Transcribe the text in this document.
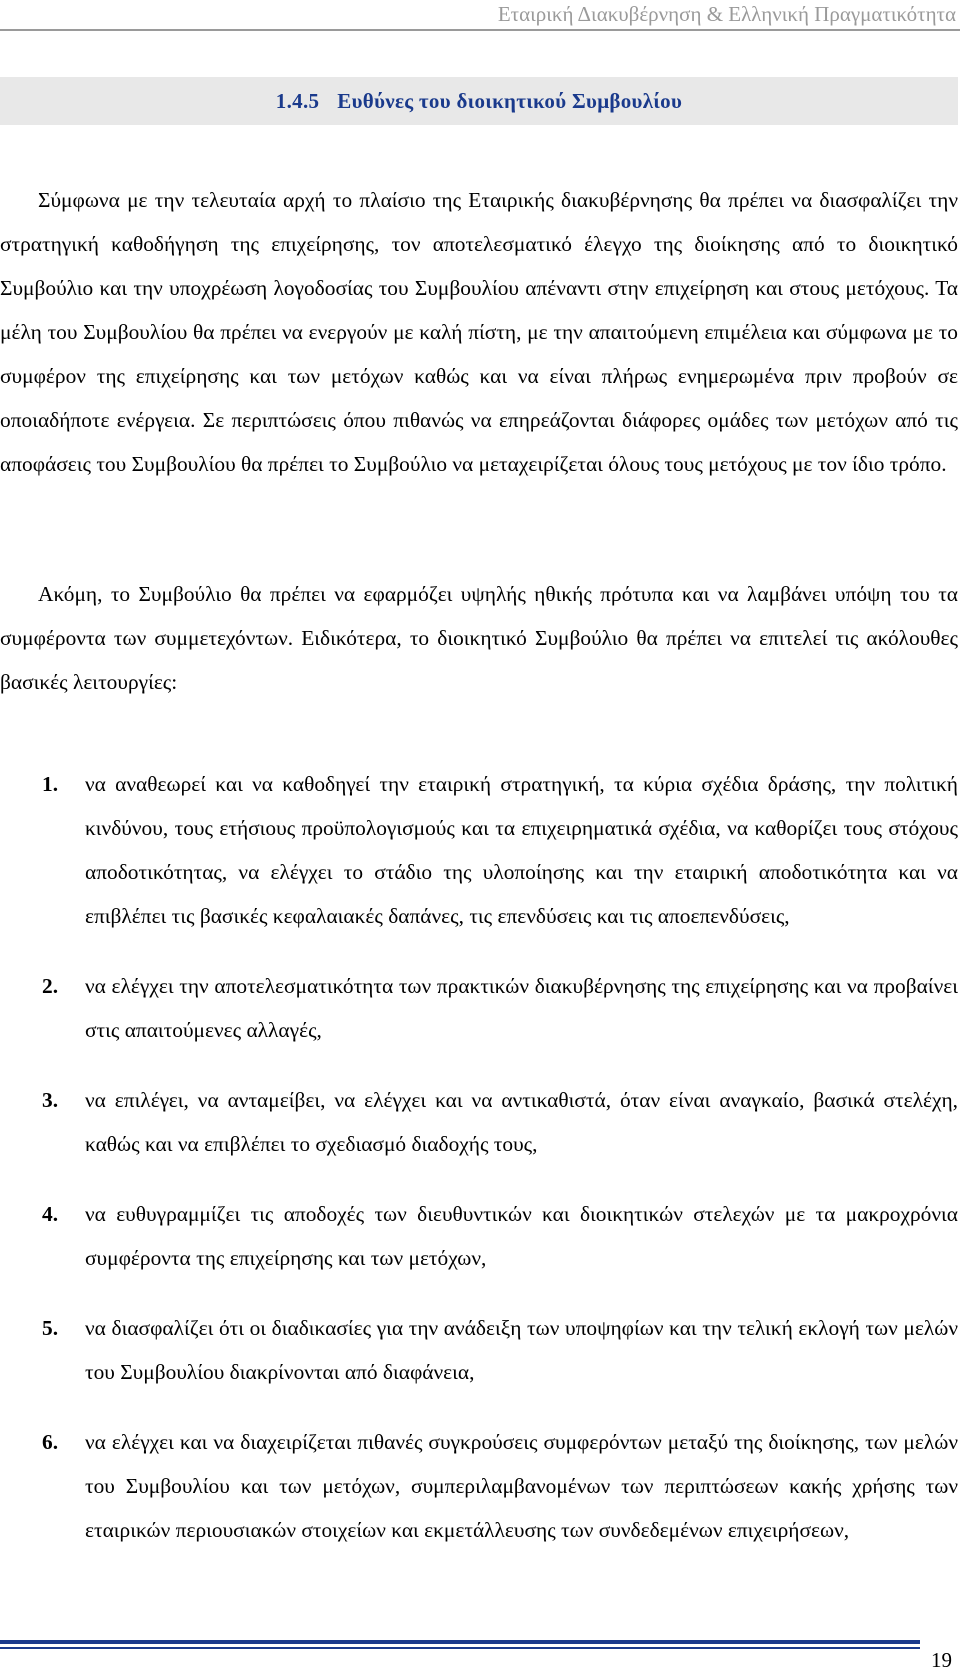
Εταιρική Διακυβέρνηση & Ελληνική Πραγματικότητα
1.4.5 Ευθύνες του διοικητικού Συμβουλίου

Σύμφωνα με την τελευταία αρχή το πλαίσιο της Εταιρικής διακυβέρνησης θα πρέπει να διασφαλίζει την στρατηγική καθοδήγηση της επιχείρησης, τον αποτελεσματικό έλεγχο της διοίκησης από το διοικητικό Συμβούλιο και την υποχρέωση λογοδοσίας του Συμβουλίου απέναντι στην επιχείρηση και στους μετόχους. Τα μέλη του Συμβουλίου θα πρέπει να ενεργούν με καλή πίστη, με την απαιτούμενη επιμέλεια και σύμφωνα με το συμφέρον της επιχείρησης και των μετόχων καθώς και να είναι πλήρως ενημερωμένα πριν προβούν σε οποιαδήποτε ενέργεια. Σε περιπτώσεις όπου πιθανώς να επηρεάζονται διάφορες ομάδες των μετόχων από τις αποφάσεις του Συμβουλίου θα πρέπει το Συμβούλιο να μεταχειρίζεται όλους τους μετόχους με τον ίδιο τρόπο.

Ακόμη, το Συμβούλιο θα πρέπει να εφαρμόζει υψηλής ηθικής πρότυπα και να λαμβάνει υπόψη του τα συμφέροντα των συμμετεχόντων. Ειδικότερα, το διοικητικό Συμβούλιο θα πρέπει να επιτελεί τις ακόλουθες βασικές λειτουργίες:

1. να αναθεωρεί και να καθοδηγεί την εταιρική στρατηγική, τα κύρια σχέδια δράσης, την πολιτική κινδύνου, τους ετήσιους προϋπολογισμούς και τα επιχειρηματικά σχέδια, να καθορίζει τους στόχους αποδοτικότητας, να ελέγχει το στάδιο της υλοποίησης και την εταιρική αποδοτικότητα και να επιβλέπει τις βασικές κεφαλαιακές δαπάνες, τις επενδύσεις και τις αποεπενδύσεις,
2. να ελέγχει την αποτελεσματικότητα των πρακτικών διακυβέρνησης της επιχείρησης και να προβαίνει στις απαιτούμενες αλλαγές,
3. να επιλέγει, να ανταμείβει, να ελέγχει και να αντικαθιστά, όταν είναι αναγκαίο, βασικά στελέχη, καθώς και να επιβλέπει το σχεδιασμό διαδοχής τους,
4. να ευθυγραμμίζει τις αποδοχές των διευθυντικών και διοικητικών στελεχών με τα μακροχρόνια συμφέροντα της επιχείρησης και των μετόχων,
5. να διασφαλίζει ότι οι διαδικασίες για την ανάδειξη των υποψηφίων και την τελική εκλογή των μελών του Συμβουλίου διακρίνονται από διαφάνεια,
6. να ελέγχει και να διαχειρίζεται πιθανές συγκρούσεις συμφερόντων μεταξύ της διοίκησης, των μελών του Συμβουλίου και των μετόχων, συμπεριλαμβανομένων των περιπτώσεων κακής χρήσης των εταιρικών περιουσιακών στοιχείων και εκμετάλλευσης των συνδεδεμένων επιχειρήσεων,
19
